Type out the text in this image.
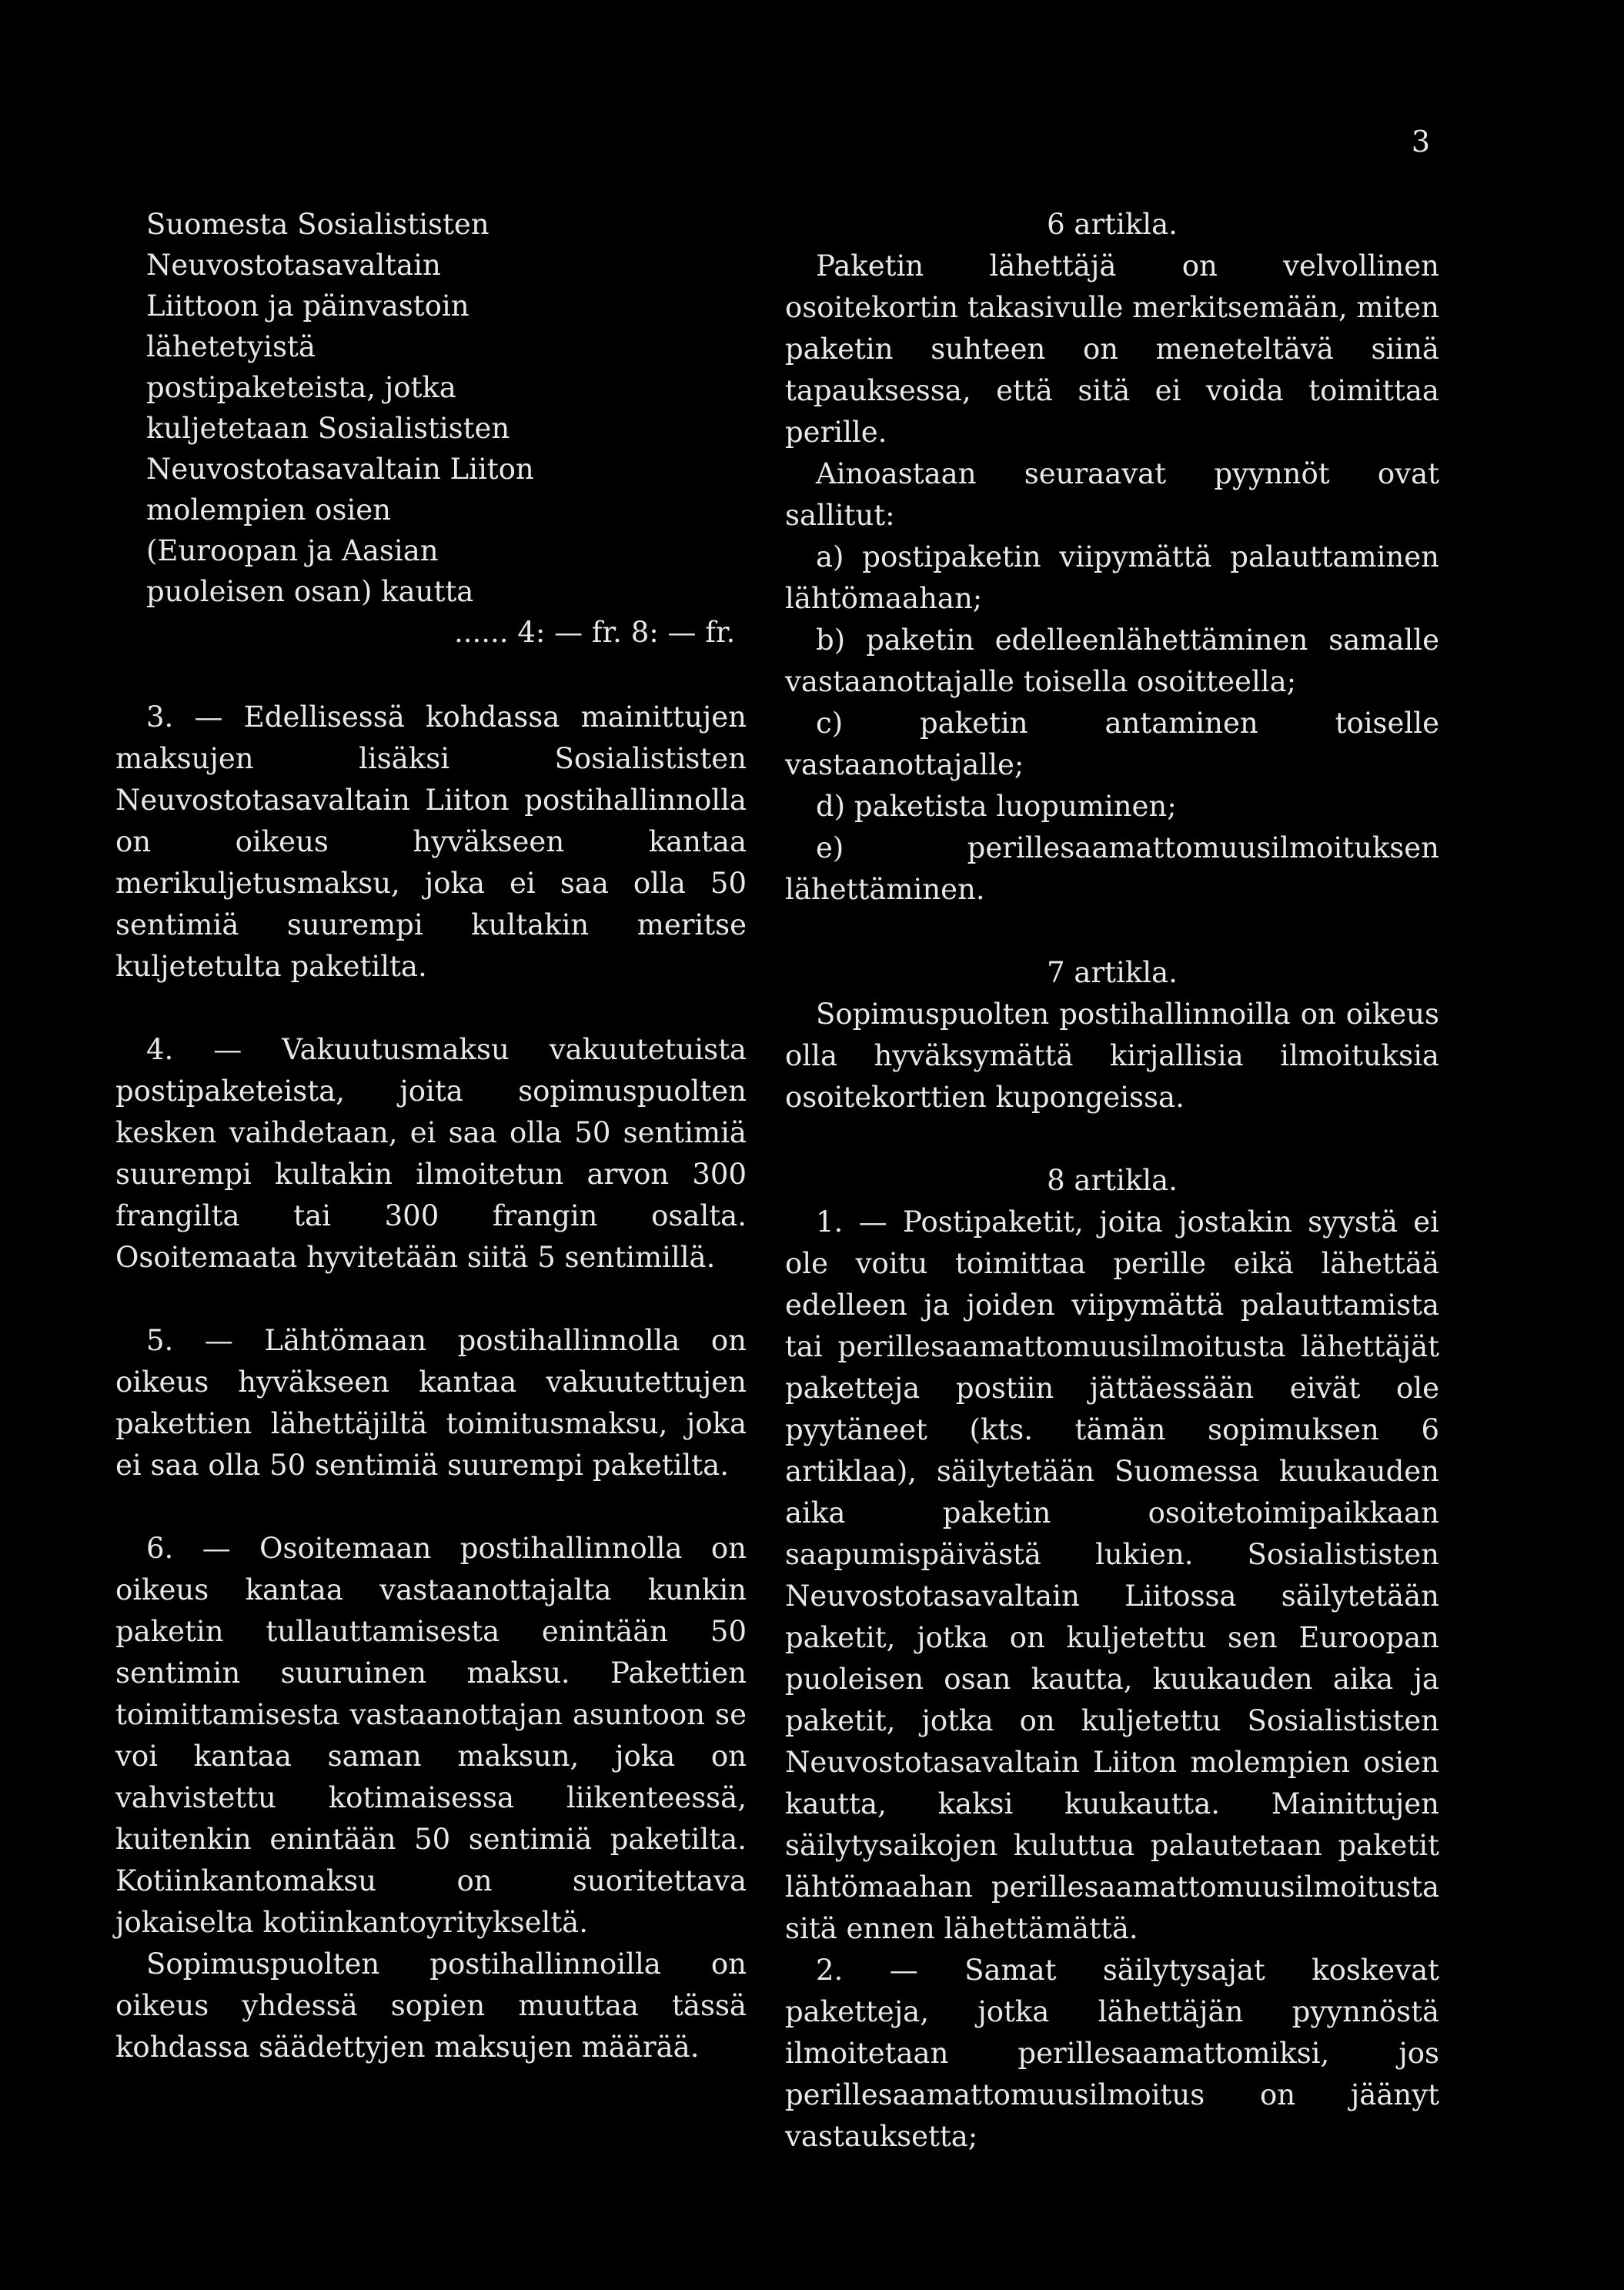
3
Suomesta Sosialististen Neuvostotasavaltain Liittoon ja päinvastoin lähetetyistä postipaketeista, jotka kuljetetaan Sosialististen Neuvostotasavaltain Liiton molempien osien (Euroopan ja Aasian puoleisen osan) kautta
...... 4: — fr. 8: — fr.

3. — Edellisessä kohdassa mainittujen maksujen lisäksi Sosialististen Neuvostotasavaltain Liiton postihallinnolla on oikeus hyväkseen kantaa merikuljetusmaksu, joka ei saa olla 50 sentimiä suurempi kultakin meritse kuljetetulta paketilta.

4. — Vakuutusmaksu vakuutetuista postipaketeista, joita sopimuspuolten kesken vaihdetaan, ei saa olla 50 sentimiä suurempi kultakin ilmoitetun arvon 300 frangilta tai 300 frangin osalta. Osoitemaata hyvitetään siitä 5 sentimillä.

5. — Lähtömaan postihallinnolla on oikeus hyväkseen kantaa vakuutettujen pakettien lähettäjiltä toimitusmaksu, joka ei saa olla 50 sentimiä suurempi paketilta.

6. — Osoitemaan postihallinnolla on oikeus kantaa vastaanottajalta kunkin paketin tullauttamisesta enintään 50 sentimin suuruinen maksu. Pakettien toimittamisesta vastaanottajan asuntoon se voi kantaa saman maksun, joka on vahvistettu kotimaisessa liikenteessä, kuitenkin enintään 50 sentimiä paketilta. Kotiinkantomaksu on suoritettava jokaiselta kotiinkantoyritykseltä.

Sopimuspuolten postihallinnoilla on oikeus yhdessä sopien muuttaa tässä kohdassa säädettyjen maksujen määrää.

6 artikla.

Paketin lähettäjä on velvollinen osoitekortin takasivulle merkitsemään, miten paketin suhteen on meneteltävä siinä tapauksessa, että sitä ei voida toimittaa perille.

Ainoastaan seuraavat pyynnöt ovat sallitut:

a) postipaketin viipymättä palauttaminen lähtömaahan;

b) paketin edelleenlähettäminen samalle vastaanottajalle toisella osoitteella;

c) paketin antaminen toiselle vastaanottajalle;

d) paketista luopuminen;

e) perillesaamattomuusilmoituksen lähettäminen.

7 artikla.

Sopimuspuolten postihallinnoilla on oikeus olla hyväksymättä kirjallisia ilmoituksia osoitekorttien kupongeissa.

8 artikla.

1. — Postipaketit, joita jostakin syystä ei ole voitu toimittaa perille eikä lähettää edelleen ja joiden viipymättä palauttamista tai perillesaamattomuusilmoitusta lähettäjät paketteja postiin jättäessään eivät ole pyytäneet (kts. tämän sopimuksen 6 artiklaa), säilytetään Suomessa kuukauden aika paketin osoitetoimipaikkaan saapumispäivästä lukien. Sosialististen Neuvostotasavaltain Liitossa säilytetään paketit, jotka on kuljetettu sen Euroopan puoleisen osan kautta, kuukauden aika ja paketit, jotka on kuljetettu Sosialististen Neuvostotasavaltain Liiton molempien osien kautta, kaksi kuukautta. Mainittujen säilytysaikojen kuluttua palautetaan paketit lähtömaahan perillesaamattomuusilmoitusta sitä ennen lähettämättä.

2. — Samat säilytysajat koskevat paketteja, jotka lähettäjän pyynnöstä ilmoitetaan perillesaamattomiksi, jos perillesaamattomuusilmoitus on jäänyt vastauksetta;
